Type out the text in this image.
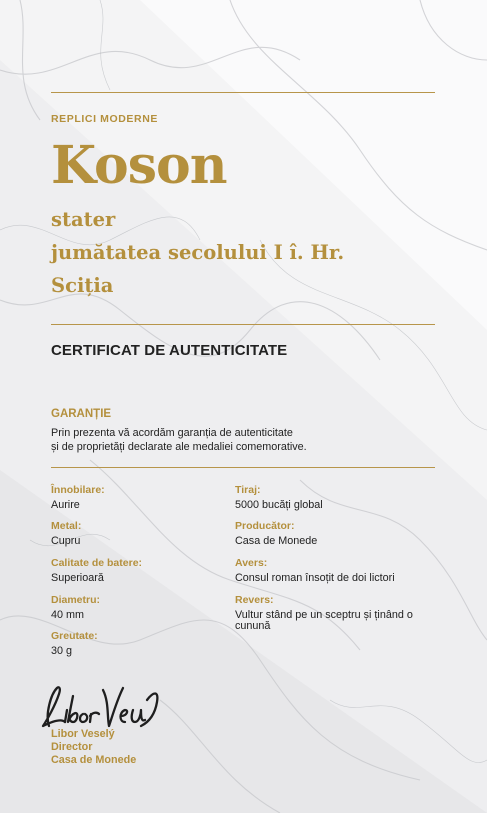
REPLICI MODERNE
Koson
stater
jumătatea secolului I î. Hr.
Sciția
CERTIFICAT DE AUTENTICITATE
GARANȚIE
Prin prezenta vă acordăm garanția de autenticitate
și de proprietăți declarate ale medaliei comemorative.
Înnobilare:
Aurire
Metal:
Cupru
Calitate de batere:
Superioară
Diametru:
40 mm
Greutate:
30 g
Tiraj:
5000 bucăți global
Producător:
Casa de Monede
Avers:
Consul roman însoțit de doi lictori
Revers:
Vultur stând pe un sceptru și ținând o cunună
Libor Veselý
Director
Casa de Monede
